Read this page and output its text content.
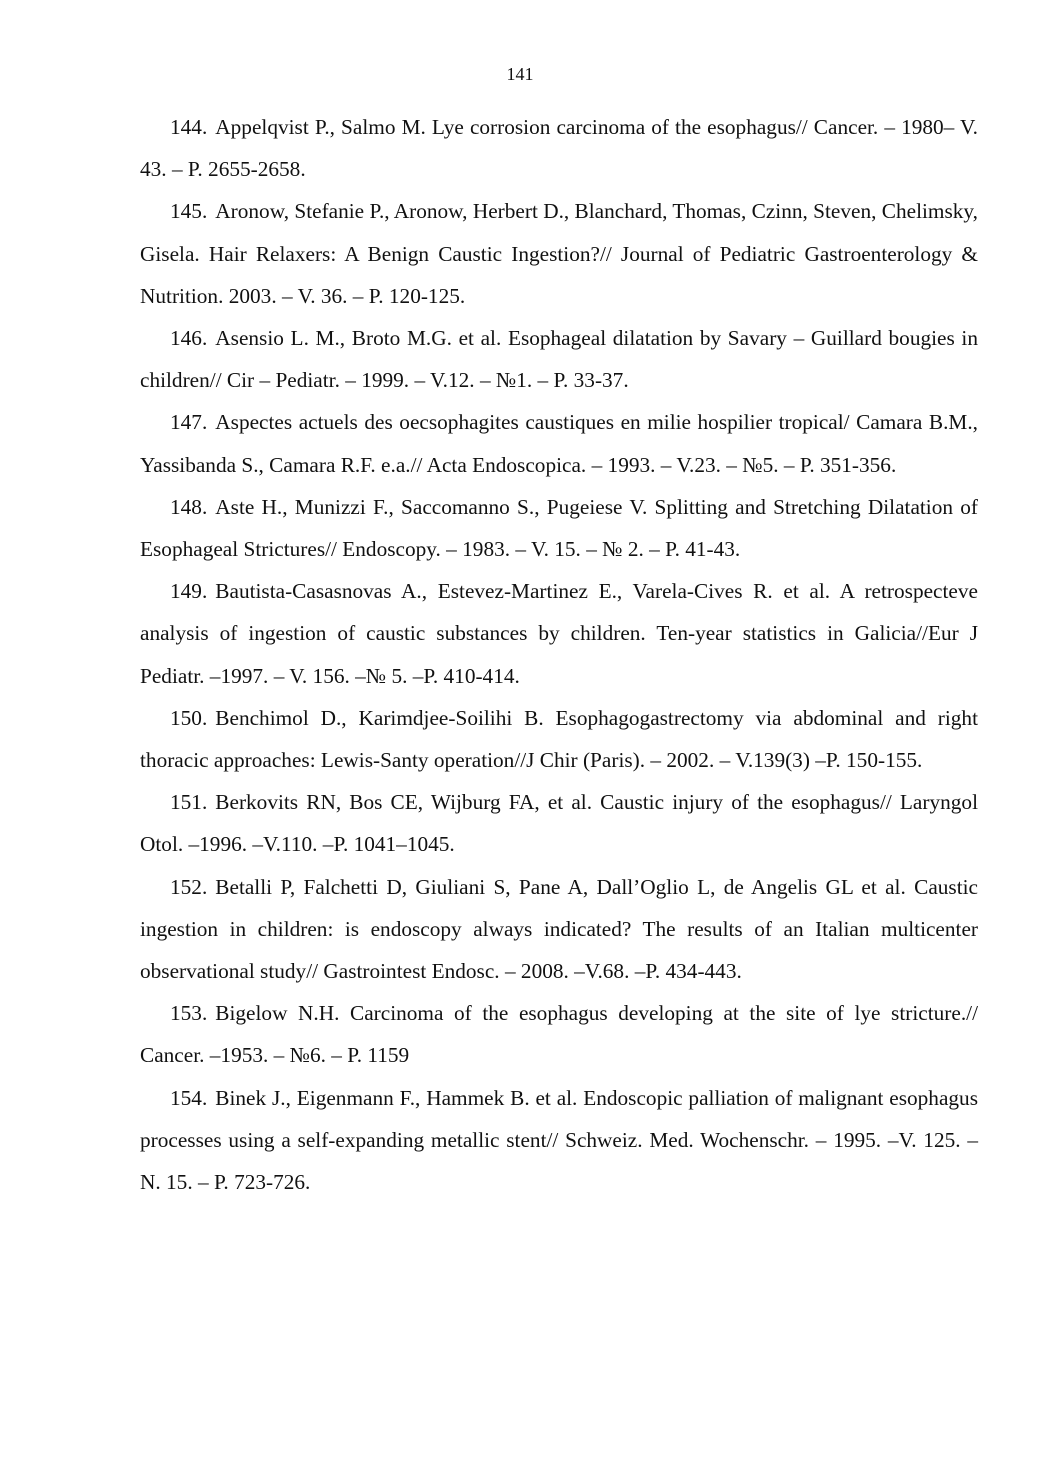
141
144. Appelqvist P., Salmo M. Lye corrosion carcinoma of the esophagus// Cancer. – 1980– V. 43. – P. 2655-2658.
145. Aronow, Stefanie P., Aronow, Herbert D., Blanchard, Thomas, Czinn, Steven, Chelimsky, Gisela. Hair Relaxers: A Benign Caustic Ingestion?// Journal of Pediatric Gastroenterology & Nutrition. 2003. – V. 36. – P. 120-125.
146. Asensio L. M., Broto M.G. et al. Esophageal dilatation by Savary – Guillard bougies in children// Cir – Pediatr. – 1999. – V.12. – №1. – P. 33-37.
147. Aspectes actuels des oecsophagites caustiques en milie hospilier tropical/ Camara B.M., Yassibanda S., Camara R.F. e.a.// Acta Endoscopica. – 1993. – V.23. – №5. – P. 351-356.
148. Aste H., Munizzi F., Saccomanno S., Pugeiese V. Splitting and Stretching Dilatation of Esophageal Strictures// Endoscopy. – 1983. – V. 15. – № 2. – P. 41-43.
149. Bautista-Casasnovas A., Estevez-Martinez E., Varela-Cives R. et al. A retrospecteve analysis of ingestion of caustic substances by children. Ten-year statistics in Galicia//Eur J Pediatr. –1997. – V. 156. –№ 5. –P. 410-414.
150. Benchimol D., Karimdjee-Soilihi B. Esophagogastrectomy via abdominal and right thoracic approaches: Lewis-Santy operation//J Chir (Paris). – 2002. – V.139(3) –P. 150-155.
151. Berkovits RN, Bos CE, Wijburg FA, et al. Caustic injury of the esophagus// Laryngol Otol. –1996. –V.110. –P. 1041–1045.
152. Betalli P, Falchetti D, Giuliani S, Pane A, Dall’Oglio L, de Angelis GL et al. Caustic ingestion in children: is endoscopy always indicated? The results of an Italian multicenter observational study// Gastrointest Endosc. – 2008. –V.68. –P. 434-443.
153. Bigelow N.H. Carcinoma of the esophagus developing at the site of lye stricture.// Cancer. –1953. – №6. – P. 1159
154. Binek J., Eigenmann F., Hammek B. et al. Endoscopic palliation of malignant esophagus processes using a self-expanding metallic stent// Schweiz. Med. Wochenschr. – 1995. –V. 125. – N. 15. – P. 723-726.
